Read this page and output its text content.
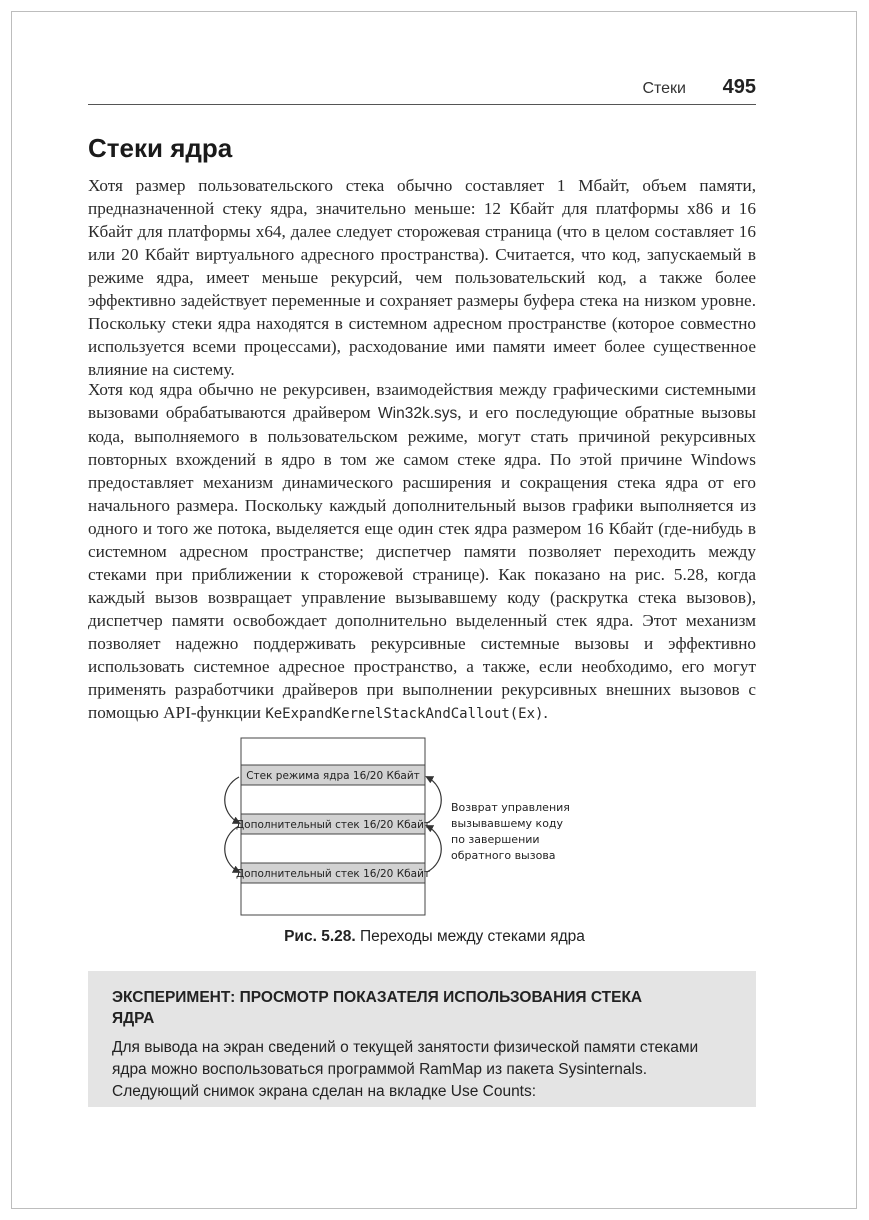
Стеки 495
Стеки ядра

Хотя размер пользовательского стека обычно составляет 1 Мбайт, объем памяти, предназначенной стеку ядра, значительно меньше: 12 Кбайт для платформы x86 и 16 Кбайт для платформы x64, далее следует сторожевая страница (что в целом составляет 16 или 20 Кбайт виртуального адресного пространства). Считается, что код, запускаемый в режиме ядра, имеет меньше рекурсий, чем пользовательский код, а также более эффективно задействует переменные и сохраняет размеры буфера стека на низком уровне. Поскольку стеки ядра находятся в системном адресном пространстве (которое совместно используется всеми процессами), расходование ими памяти имеет более существенное влияние на систему.

Хотя код ядра обычно не рекурсивен, взаимодействия между графическими системными вызовами обрабатываются драйвером Win32k.sys, и его последующие обратные вызовы кода, выполняемого в пользовательском режиме, могут стать причиной рекурсивных повторных вхождений в ядро в том же самом стеке ядра. По этой причине Windows предоставляет механизм динамического расширения и сокращения стека ядра от его начального размера. Поскольку каждый дополнительный вызов графики выполняется из одного и того же потока, выделяется еще один стек ядра размером 16 Кбайт (где-нибудь в системном адресном пространстве; диспетчер памяти позволяет переходить между стеками при приближении к сторожевой странице). Как показано на рис. 5.28, когда каждый вызов возвращает управление вызывавшему коду (раскрутка стека вызовов), диспетчер памяти освобождает дополнительно выделенный стек ядра. Этот механизм позволяет надежно поддерживать рекурсивные системные вызовы и эффективно использовать системное адресное пространство, а также, если необходимо, его могут применять разработчики драйверов при выполнении рекурсивных внешних вызовов с помощью API-функции KeExpandKernelStackAndCallout(Ex).

Стек режима ядра 16/20 Кбайт
Дополнительный стек 16/20 Кбайт
Дополнительный стек 16/20 Кбайт
Возврат управления вызывавшему коду по завершении обратного вызова
Рис. 5.28. Переходы между стеками ядра

ЭКСПЕРИМЕНТ: ПРОСМОТР ПОКАЗАТЕЛЯ ИСПОЛЬЗОВАНИЯ СТЕКА ЯДРА

Для вывода на экран сведений о текущей занятости физической памяти стеками ядра можно воспользоваться программой RamMap из пакета Sysinternals. Следующий снимок экрана сделан на вкладке Use Counts:
